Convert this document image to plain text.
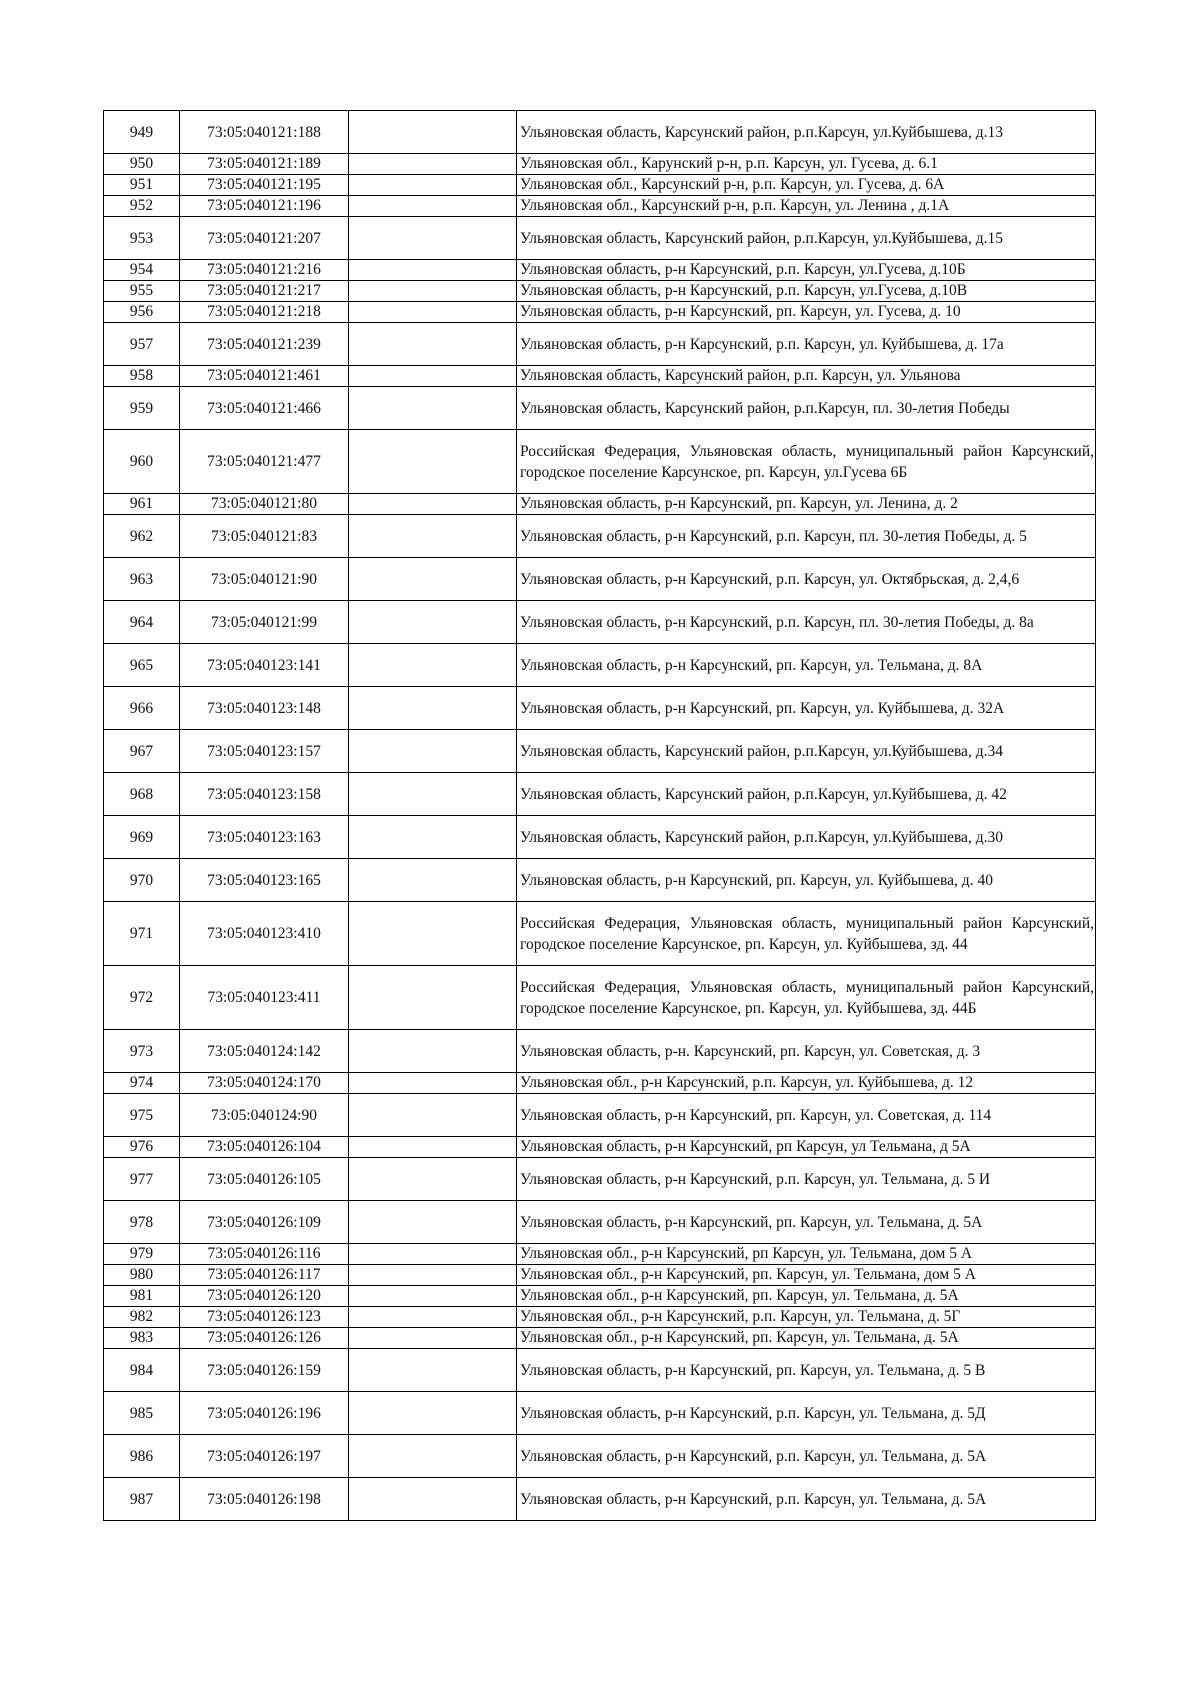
949	73:05:040121:188		Ульяновская область, Карсунский район, р.п.Карсун, ул.Куйбышева, д.13
950	73:05:040121:189		Ульяновская обл., Карунский р-н, р.п. Карсун, ул. Гусева, д. 6.1
951	73:05:040121:195		Ульяновская обл., Карсунский р-н, р.п. Карсун, ул. Гусева, д. 6А
952	73:05:040121:196		Ульяновская обл., Карсунский р-н, р.п. Карсун, ул. Ленина , д.1А
953	73:05:040121:207		Ульяновская область, Карсунский район, р.п.Карсун, ул.Куйбышева, д.15
954	73:05:040121:216		Ульяновская область, р-н Карсунский, р.п. Карсун, ул.Гусева, д.10Б
955	73:05:040121:217		Ульяновская область, р-н Карсунский, р.п. Карсун, ул.Гусева, д.10В
956	73:05:040121:218		Ульяновская область, р-н Карсунский, рп. Карсун, ул. Гусева, д. 10
957	73:05:040121:239		Ульяновская область, р-н Карсунский, р.п. Карсун, ул. Куйбышева, д. 17а
958	73:05:040121:461		Ульяновская область, Карсунский район, р.п. Карсун, ул. Ульянова
959	73:05:040121:466		Ульяновская область, Карсунский район, р.п.Карсун, пл. 30-летия Победы
960	73:05:040121:477		Российская Федерация, Ульяновская область, муниципальный район Карсунский, городское поселение Карсунское, рп. Карсун, ул.Гусева 6Б
961	73:05:040121:80		Ульяновская область, р-н Карсунский, рп. Карсун, ул. Ленина, д. 2
962	73:05:040121:83		Ульяновская область, р-н Карсунский, р.п. Карсун, пл. 30-летия Победы, д. 5
963	73:05:040121:90		Ульяновская область, р-н Карсунский, р.п. Карсун, ул. Октябрьская, д. 2,4,6
964	73:05:040121:99		Ульяновская область, р-н Карсунский, р.п. Карсун, пл. 30-летия Победы, д. 8а
965	73:05:040123:141		Ульяновская область, р-н Карсунский, рп. Карсун, ул. Тельмана, д. 8А
966	73:05:040123:148		Ульяновская область, р-н Карсунский, рп. Карсун, ул. Куйбышева, д. 32А
967	73:05:040123:157		Ульяновская область, Карсунский район, р.п.Карсун, ул.Куйбышева, д.34
968	73:05:040123:158		Ульяновская область, Карсунский район, р.п.Карсун, ул.Куйбышева, д. 42
969	73:05:040123:163		Ульяновская область, Карсунский район, р.п.Карсун, ул.Куйбышева, д.30
970	73:05:040123:165		Ульяновская область, р-н Карсунский, рп. Карсун, ул. Куйбышева, д. 40
971	73:05:040123:410		Российская Федерация, Ульяновская область, муниципальный район Карсунский, городское поселение Карсунское, рп. Карсун, ул. Куйбышева, зд. 44
972	73:05:040123:411		Российская Федерация, Ульяновская область, муниципальный район Карсунский, городское поселение Карсунское, рп. Карсун, ул. Куйбышева, зд. 44Б
973	73:05:040124:142		Ульяновская область, р-н. Карсунский, рп. Карсун, ул. Советская, д. 3
974	73:05:040124:170		Ульяновская обл., р-н Карсунский, р.п. Карсун, ул. Куйбышева, д. 12
975	73:05:040124:90		Ульяновская область, р-н Карсунский, рп. Карсун, ул. Советская, д. 114
976	73:05:040126:104		Ульяновская область, р-н Карсунский, рп Карсун, ул Тельмана, д 5А
977	73:05:040126:105		Ульяновская область, р-н Карсунский, р.п. Карсун, ул. Тельмана, д. 5 И
978	73:05:040126:109		Ульяновская область, р-н Карсунский, рп. Карсун, ул. Тельмана, д. 5А
979	73:05:040126:116		Ульяновская обл., р-н Карсунский, рп Карсун, ул. Тельмана, дом 5 А
980	73:05:040126:117		Ульяновская обл., р-н Карсунский, рп. Карсун, ул. Тельмана, дом 5 А
981	73:05:040126:120		Ульяновская обл., р-н Карсунский, рп. Карсун, ул. Тельмана, д. 5А
982	73:05:040126:123		Ульяновская обл., р-н Карсунский, р.п. Карсун, ул. Тельмана, д. 5Г
983	73:05:040126:126		Ульяновская обл., р-н Карсунский, рп. Карсун, ул. Тельмана, д. 5А
984	73:05:040126:159		Ульяновская область, р-н Карсунский, рп. Карсун, ул. Тельмана, д. 5 В
985	73:05:040126:196		Ульяновская область, р-н Карсунский, р.п. Карсун, ул. Тельмана, д. 5Д
986	73:05:040126:197		Ульяновская область, р-н Карсунский, р.п. Карсун, ул. Тельмана, д. 5А
987	73:05:040126:198		Ульяновская область, р-н Карсунский, р.п. Карсун, ул. Тельмана, д. 5А
